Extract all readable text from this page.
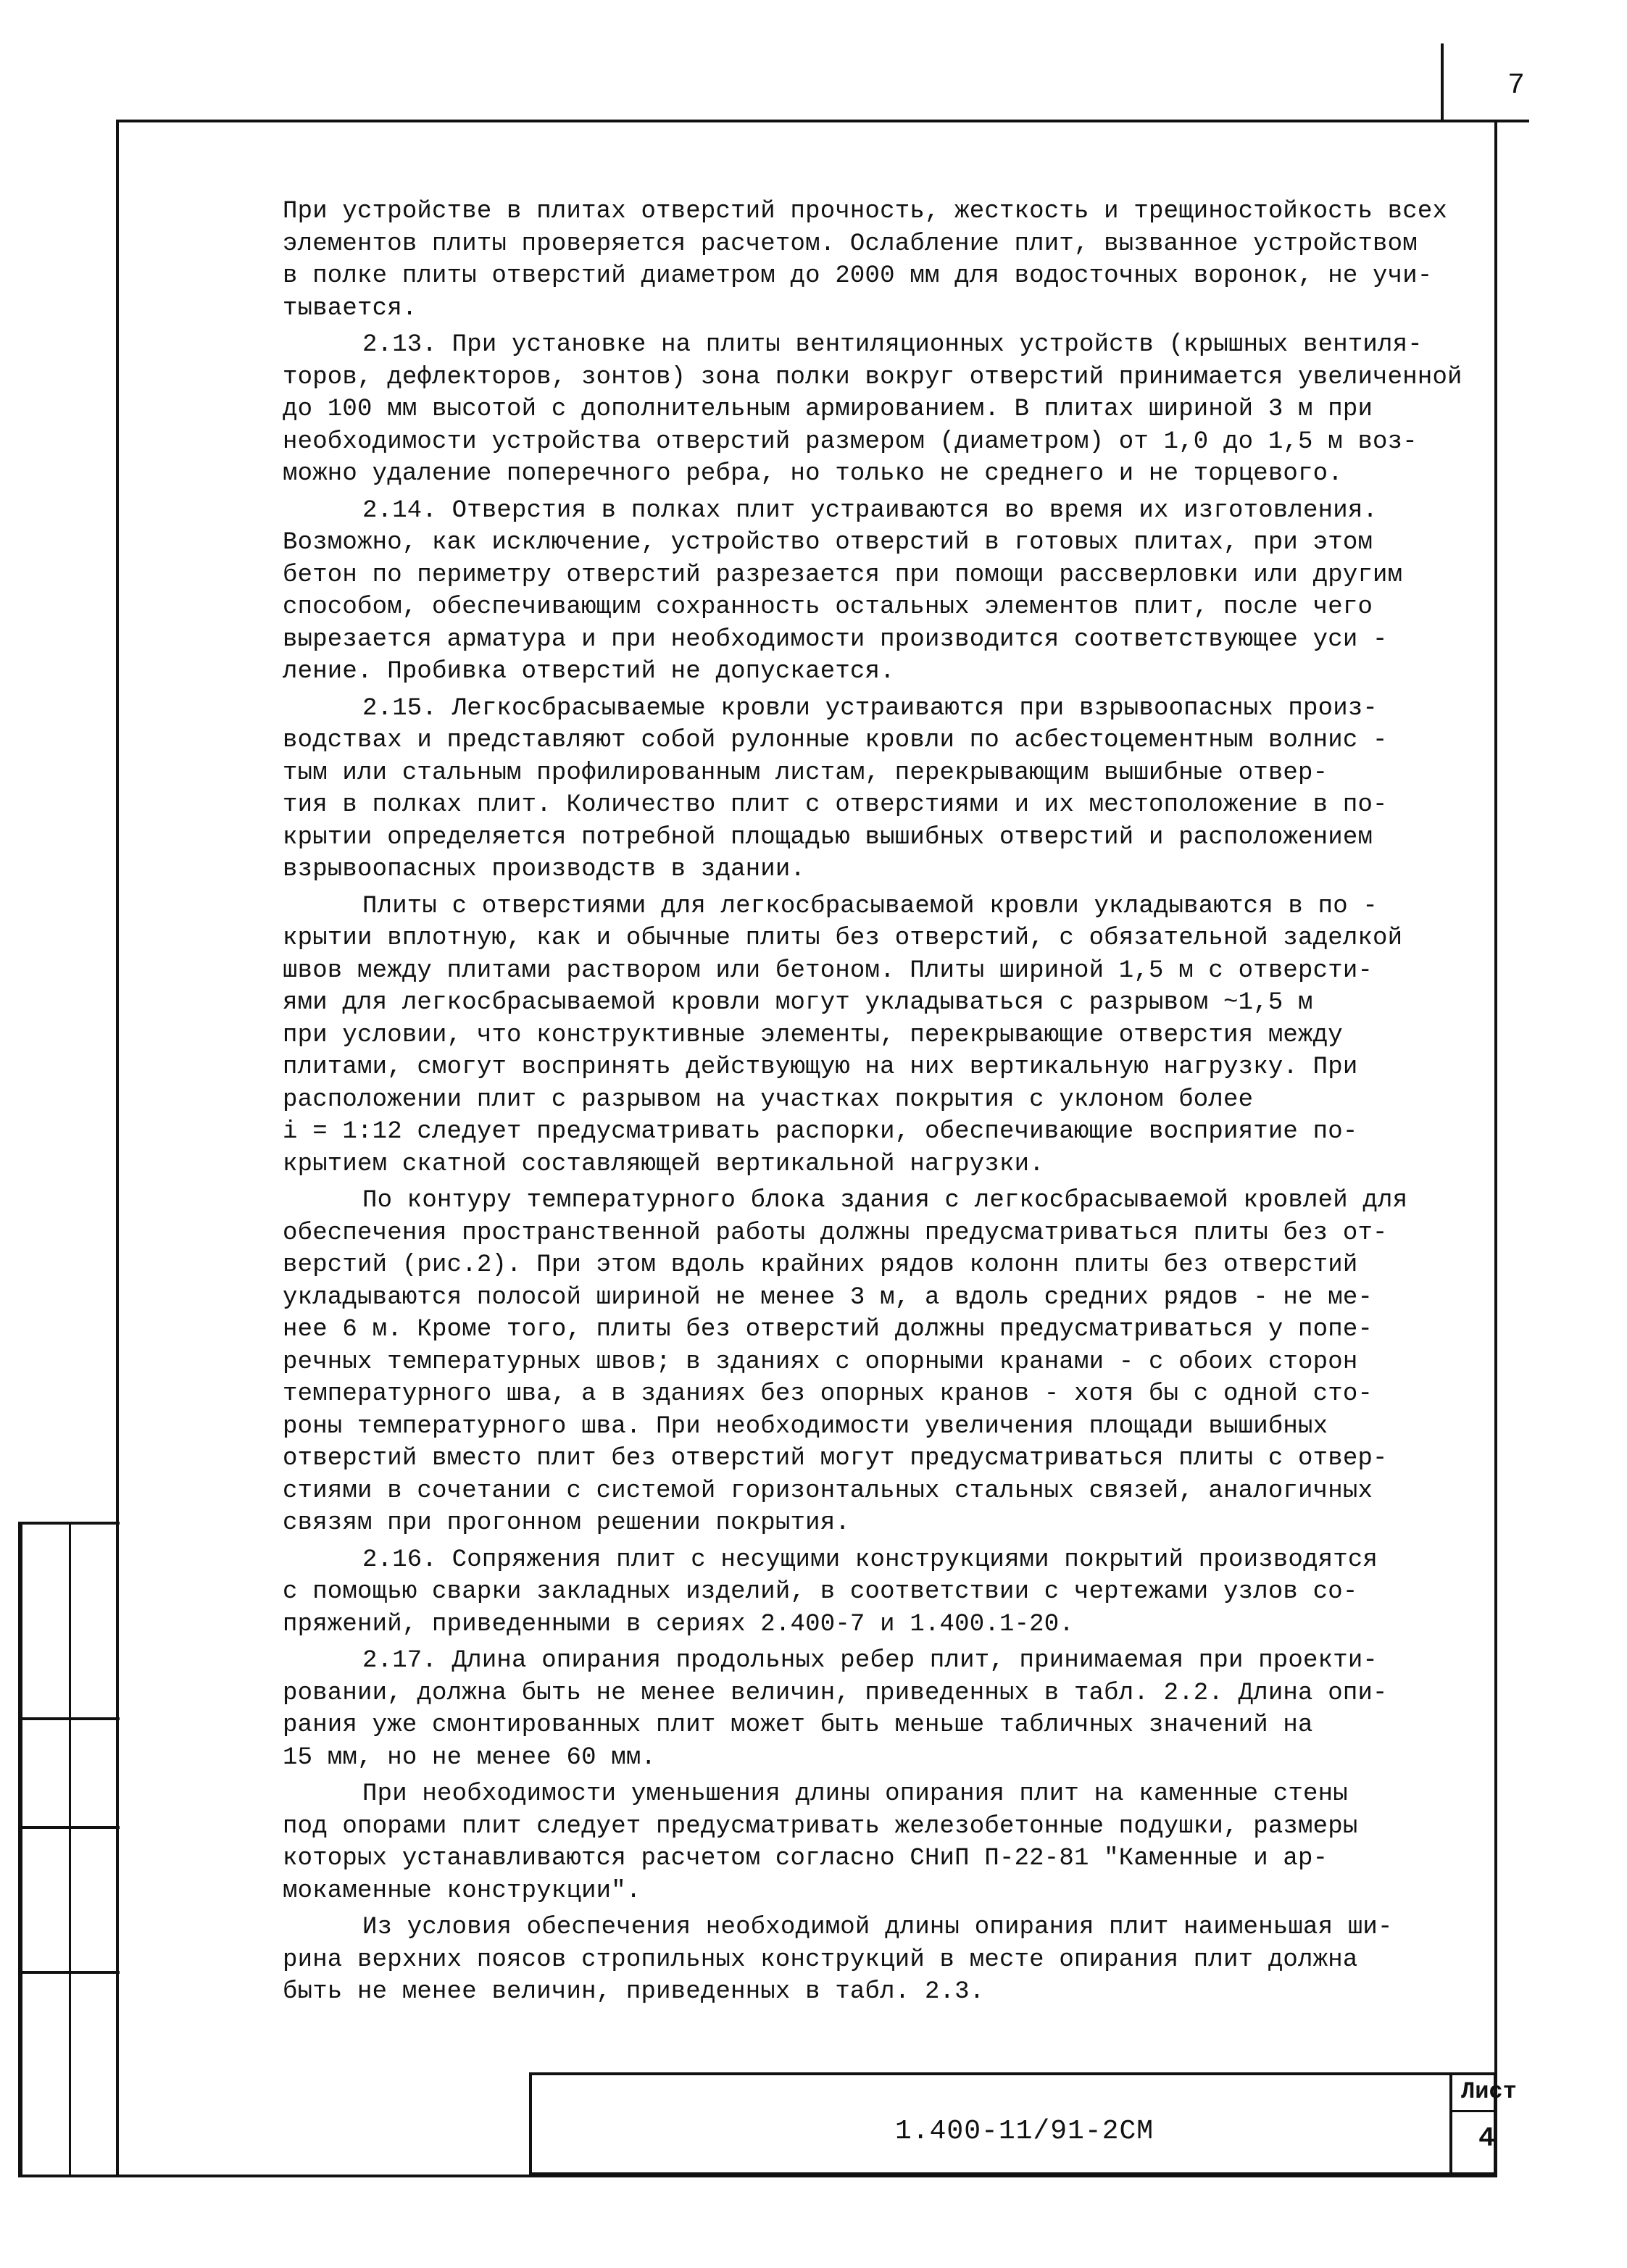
7
При устройстве в плитах отверстий прочность, жесткость и трещиностойкость всех
элементов плиты проверяется расчетом. Ослабление плит, вызванное устройством
в полке плиты отверстий диаметром до 2000 мм для водосточных воронок, не учи-
тывается.
2.13. При установке на плиты вентиляционных устройств (крышных вентиля-
торов, дефлекторов, зонтов) зона полки вокруг отверстий принимается увеличенной
до 100 мм высотой с дополнительным армированием. В плитах шириной 3 м при
необходимости устройства отверстий размером (диаметром) от 1,0 до 1,5 м воз-
можно удаление поперечного ребра, но только не среднего и не торцевого.
2.14. Отверстия в полках плит устраиваются во время их изготовления.
Возможно, как исключение, устройство отверстий в готовых плитах, при этом
бетон по периметру отверстий разрезается при помощи рассверловки или другим
способом, обеспечивающим сохранность остальных элементов плит, после чего
вырезается арматура и при необходимости производится соответствующее уси -
ление. Пробивка отверстий не допускается.
2.15. Легкосбрасываемые кровли устраиваются при взрывоопасных произ-
водствах и представляют собой рулонные кровли по асбестоцементным волнис -
тым или стальным профилированным листам, перекрывающим вышибные отвер-
тия в полках плит. Количество плит с отверстиями и их местоположение в по-
крытии определяется потребной площадью вышибных отверстий и расположением
взрывоопасных производств в здании.
Плиты с отверстиями для легкосбрасываемой кровли укладываются в по -
крытии вплотную, как и обычные плиты без отверстий, с обязательной заделкой
швов между плитами раствором или бетоном. Плиты шириной 1,5 м с отверсти-
ями для легкосбрасываемой кровли могут укладываться с разрывом ~1,5 м
при условии, что конструктивные элементы, перекрывающие отверстия между
плитами, смогут воспринять действующую на них вертикальную нагрузку. При
расположении плит с разрывом на участках покрытия с уклоном более
i = 1:12 следует предусматривать распорки, обеспечивающие восприятие по-
крытием скатной составляющей вертикальной нагрузки.
По контуру температурного блока здания с легкосбрасываемой кровлей для
обеспечения пространственной работы должны предусматриваться плиты без от-
верстий (рис.2). При этом вдоль крайних рядов колонн плиты без отверстий
укладываются полосой шириной не менее 3 м, а вдоль средних рядов - не ме-
нее 6 м. Кроме того, плиты без отверстий должны предусматриваться у попе-
речных температурных швов; в зданиях с опорными кранами - с обоих сторон
температурного шва, а в зданиях без опорных кранов - хотя бы с одной сто-
роны температурного шва. При необходимости увеличения площади вышибных
отверстий вместо плит без отверстий могут предусматриваться плиты с отвер-
стиями в сочетании с системой горизонтальных стальных связей, аналогичных
связям при прогонном решении покрытия.
2.16. Сопряжения плит с несущими конструкциями покрытий производятся
с помощью сварки закладных изделий, в соответствии с чертежами узлов со-
пряжений, приведенными в сериях 2.400-7 и 1.400.1-20.
2.17. Длина опирания продольных ребер плит, принимаемая при проекти-
ровании, должна быть не менее величин, приведенных в табл. 2.2. Длина опи-
рания уже смонтированных плит может быть меньше табличных значений на
15 мм, но не менее 60 мм.
При необходимости уменьшения длины опирания плит на каменные стены
под опорами плит следует предусматривать железобетонные подушки, размеры
которых устанавливаются расчетом согласно СНиП П-22-81 "Каменные и ар-
мокаменные конструкции".
Из условия обеспечения необходимой длины опирания плит наименьшая ши-
рина верхних поясов стропильных конструкций в месте опирания плит должна
быть не менее величин, приведенных в табл. 2.3.
1.400-11/91-2СМ
Лист
4
